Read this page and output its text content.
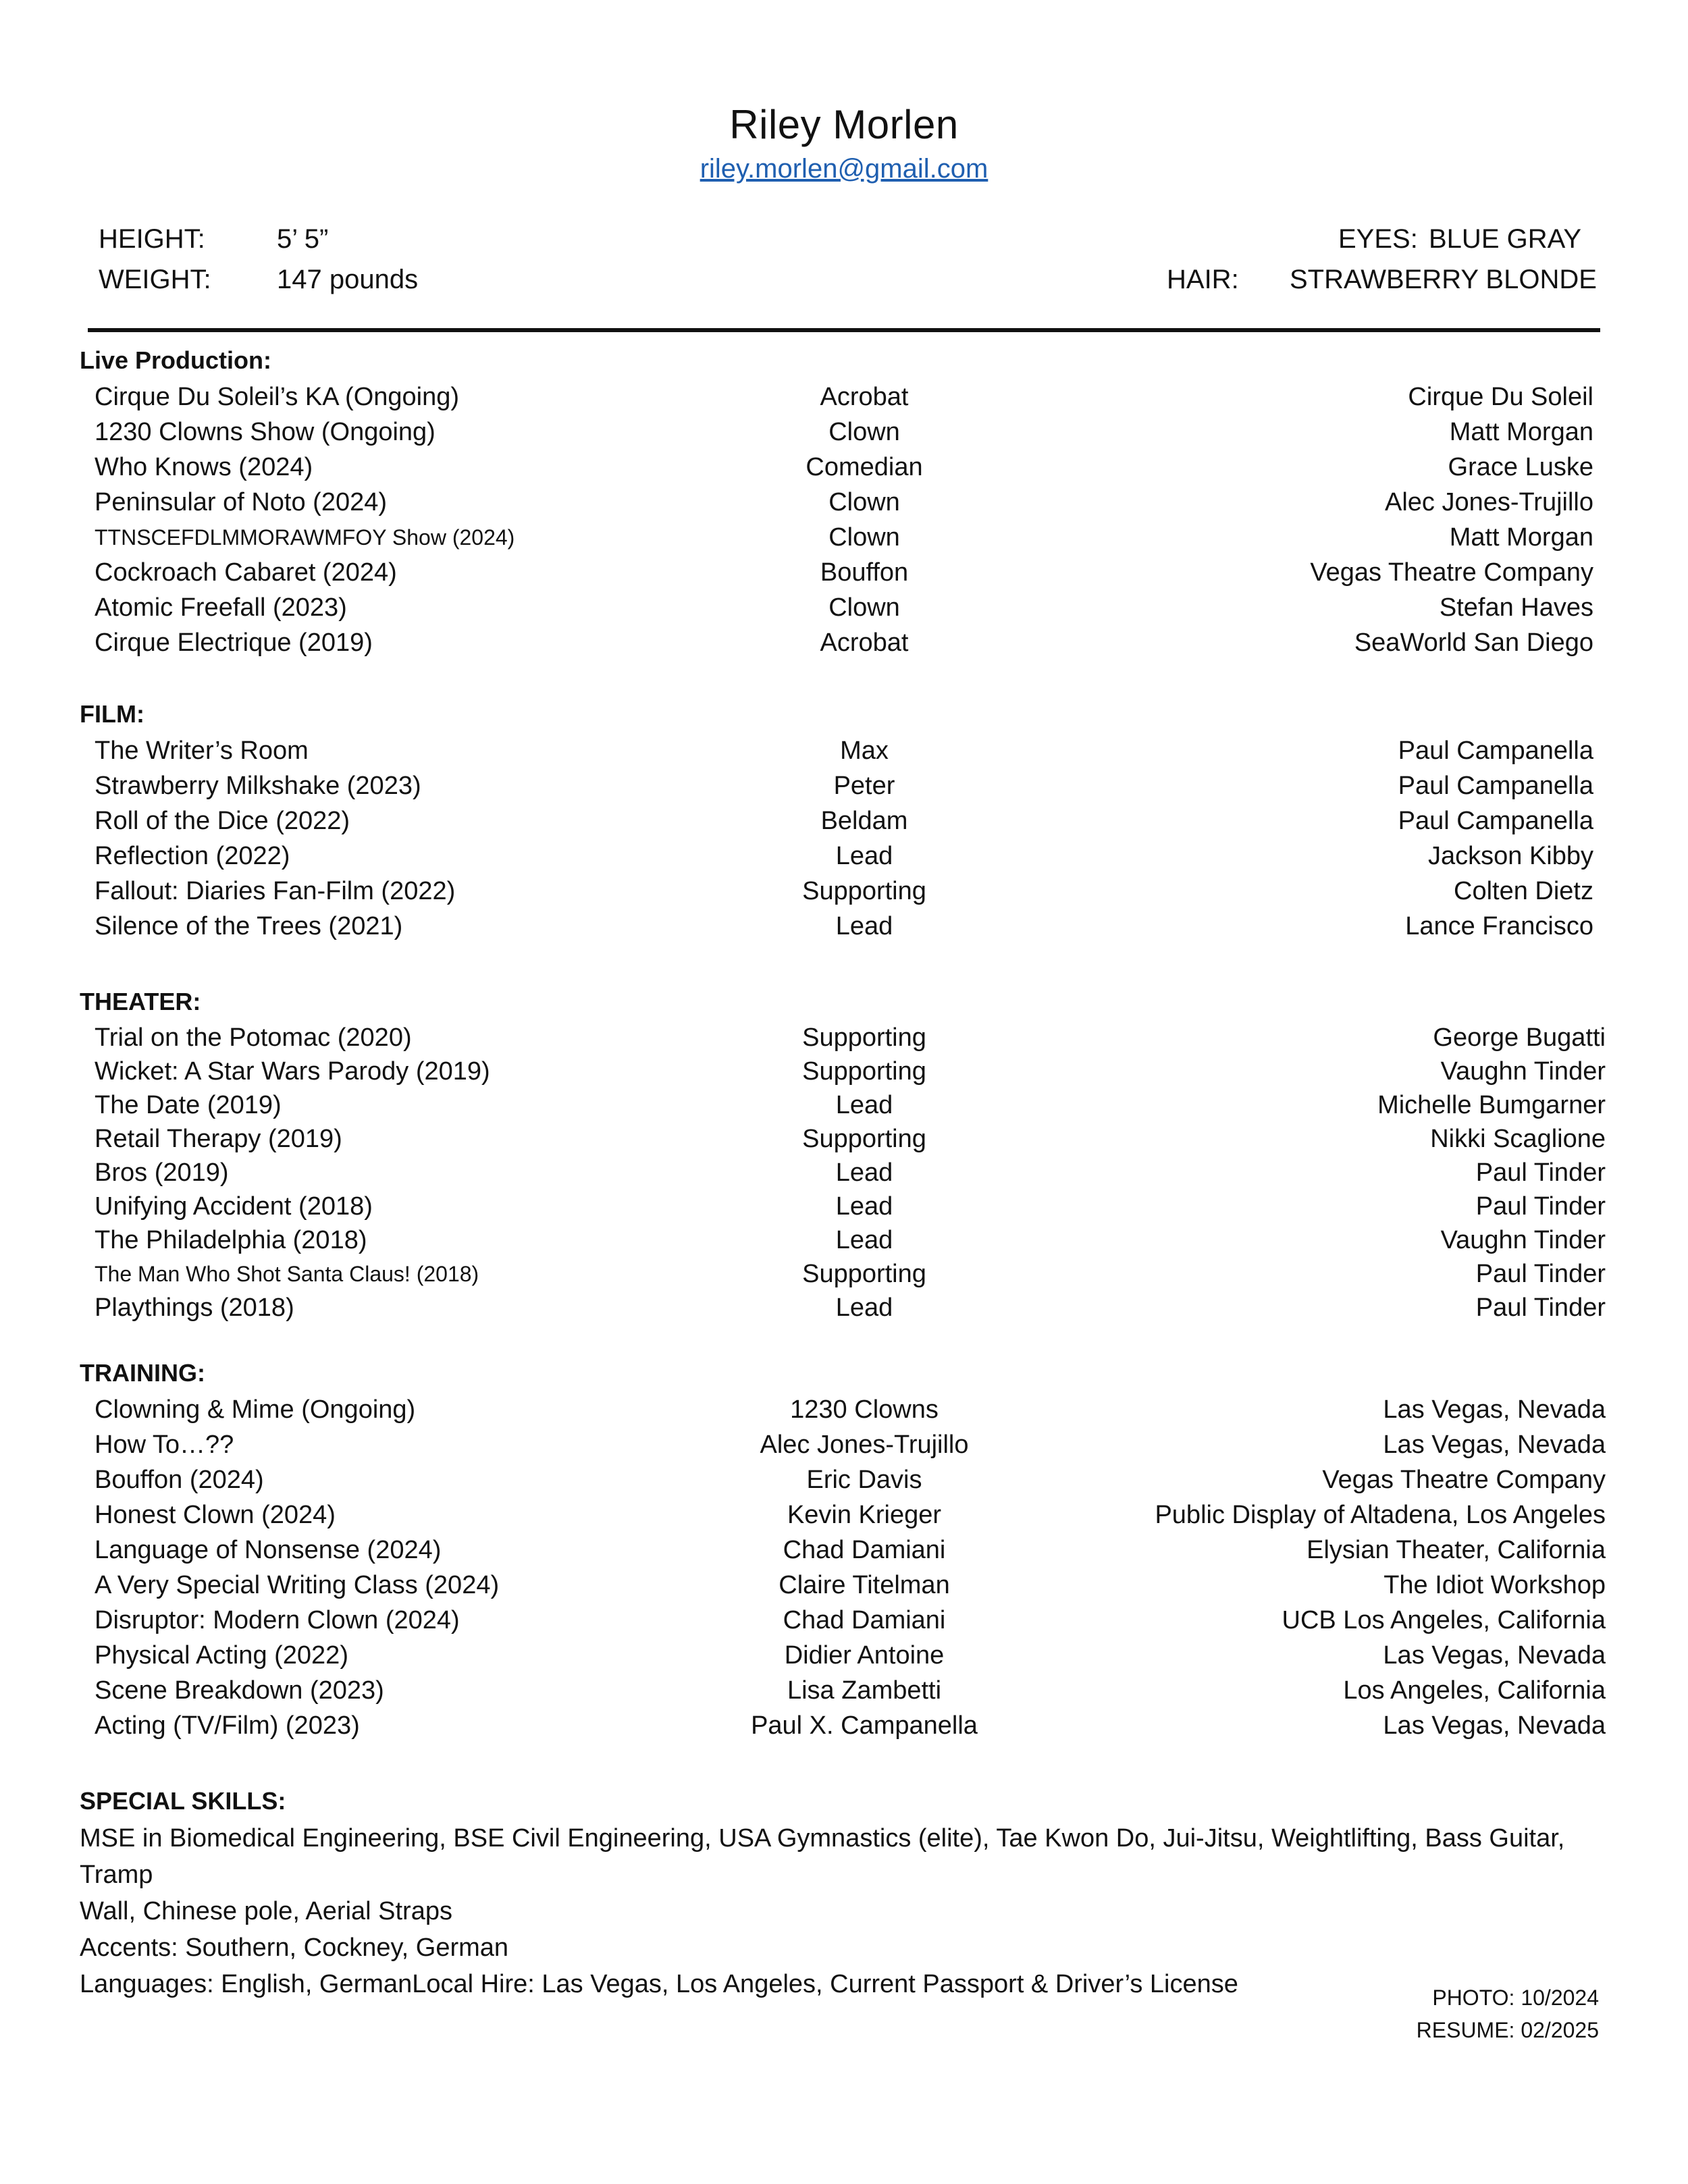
Riley Morlen
riley.morlen@gmail.com
HEIGHT:	5’ 5”
WEIGHT: 147 pounds
EYES: BLUE GRAY
HAIR: STRAWBERRY BLONDE
Live Production:
Cirque Du Soleil’s KA (Ongoing)	Acrobat	Cirque Du Soleil
1230 Clowns Show (Ongoing)	Clown	Matt Morgan
Who Knows (2024)	Comedian	Grace Luske
Peninsular of Noto (2024)	Clown	Alec Jones-Trujillo
TTNSCEFDLMMORAWMFOY Show (2024)	Clown	Matt Morgan
Cockroach Cabaret (2024)	Bouffon	Vegas Theatre Company
Atomic Freefall (2023)	Clown	Stefan Haves
Cirque Electrique (2019)	Acrobat	SeaWorld San Diego
FILM:
The Writer’s Room	Max	Paul Campanella
Strawberry Milkshake (2023)	Peter	Paul Campanella
Roll of the Dice (2022)	Beldam	Paul Campanella
Reflection (2022)	Lead	Jackson Kibby
Fallout: Diaries Fan-Film (2022)	Supporting	Colten Dietz
Silence of the Trees (2021)	Lead	Lance Francisco
THEATER:
Trial on the Potomac (2020)	Supporting	George Bugatti
Wicket: A Star Wars Parody (2019)	Supporting	Vaughn Tinder
The Date (2019)	Lead	Michelle Bumgarner
Retail Therapy (2019)	Supporting	Nikki Scaglione
Bros (2019)	Lead	Paul Tinder
Unifying Accident (2018)	Lead	Paul Tinder
The Philadelphia (2018)	Lead	Vaughn Tinder
The Man Who Shot Santa Claus! (2018)	Supporting	Paul Tinder
Playthings (2018)	Lead	Paul Tinder
TRAINING:
Clowning & Mime (Ongoing)	1230 Clowns	Las Vegas, Nevada
How To…??	Alec Jones-Trujillo	Las Vegas, Nevada
Bouffon (2024)	Eric Davis	Vegas Theatre Company
Honest Clown (2024)	Kevin Krieger	Public Display of Altadena, Los Angeles
Language of Nonsense (2024)	Chad Damiani	Elysian Theater, California
A Very Special Writing Class (2024)	Claire Titelman	The Idiot Workshop
Disruptor: Modern Clown (2024)	Chad Damiani	UCB Los Angeles, California
Physical Acting (2022)	Didier Antoine	Las Vegas, Nevada
Scene Breakdown (2023)	Lisa Zambetti	Los Angeles, California
Acting (TV/Film) (2023)	Paul X. Campanella	Las Vegas, Nevada
SPECIAL SKILLS:
MSE in Biomedical Engineering, BSE Civil Engineering, USA Gymnastics (elite), Tae Kwon Do, Jui-Jitsu, Weightlifting, Bass Guitar, Tramp
Wall, Chinese pole, Aerial Straps
Accents: Southern, Cockney, German
Languages: English, GermanLocal Hire: Las Vegas, Los Angeles, Current Passport & Driver’s License	PHOTO: 10/2024
RESUME: 02/2025
